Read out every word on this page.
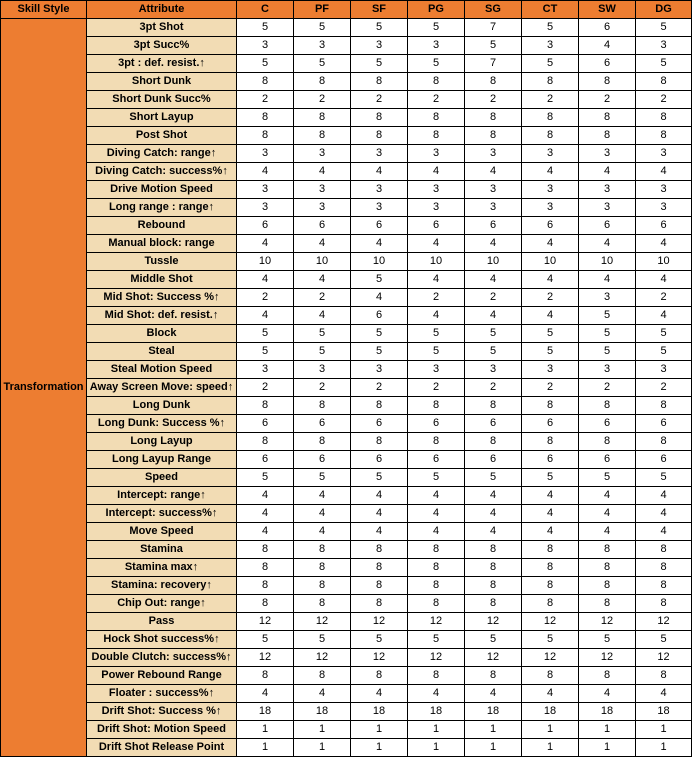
Skill Style	Attribute	C	PF	SF	PG	SG	CT	SW	DG
Transformation	3pt Shot	5	5	5	5	7	5	6	5
	3pt Succ%	3	3	3	3	5	3	4	3
	3pt : def. resist.↑	5	5	5	5	7	5	6	5
	Short Dunk	8	8	8	8	8	8	8	8
	Short Dunk Succ%	2	2	2	2	2	2	2	2
	Short Layup	8	8	8	8	8	8	8	8
	Post Shot	8	8	8	8	8	8	8	8
	Diving Catch: range↑	3	3	3	3	3	3	3	3
	Diving Catch: success%↑	4	4	4	4	4	4	4	4
	Drive Motion Speed	3	3	3	3	3	3	3	3
	Long range : range↑	3	3	3	3	3	3	3	3
	Rebound	6	6	6	6	6	6	6	6
	Manual block: range	4	4	4	4	4	4	4	4
	Tussle	10	10	10	10	10	10	10	10
	Middle Shot	4	4	5	4	4	4	4	4
	Mid Shot: Success %↑	2	2	4	2	2	2	3	2
	Mid Shot: def. resist.↑	4	4	6	4	4	4	5	4
	Block	5	5	5	5	5	5	5	5
	Steal	5	5	5	5	5	5	5	5
	Steal Motion Speed	3	3	3	3	3	3	3	3
	Away Screen Move: speed↑	2	2	2	2	2	2	2	2
	Long Dunk	8	8	8	8	8	8	8	8
	Long Dunk: Success %↑	6	6	6	6	6	6	6	6
	Long Layup	8	8	8	8	8	8	8	8
	Long Layup Range	6	6	6	6	6	6	6	6
	Speed	5	5	5	5	5	5	5	5
	Intercept: range↑	4	4	4	4	4	4	4	4
	Intercept: success%↑	4	4	4	4	4	4	4	4
	Move Speed	4	4	4	4	4	4	4	4
	Stamina	8	8	8	8	8	8	8	8
	Stamina max↑	8	8	8	8	8	8	8	8
	Stamina: recovery↑	8	8	8	8	8	8	8	8
	Chip Out: range↑	8	8	8	8	8	8	8	8
	Pass	12	12	12	12	12	12	12	12
	Hock Shot success%↑	5	5	5	5	5	5	5	5
	Double Clutch: success%↑	12	12	12	12	12	12	12	12
	Power Rebound Range	8	8	8	8	8	8	8	8
	Floater : success%↑	4	4	4	4	4	4	4	4
	Drift Shot: Success %↑	18	18	18	18	18	18	18	18
	Drift Shot: Motion Speed	1	1	1	1	1	1	1	1
	Drift Shot Release Point	1	1	1	1	1	1	1	1
